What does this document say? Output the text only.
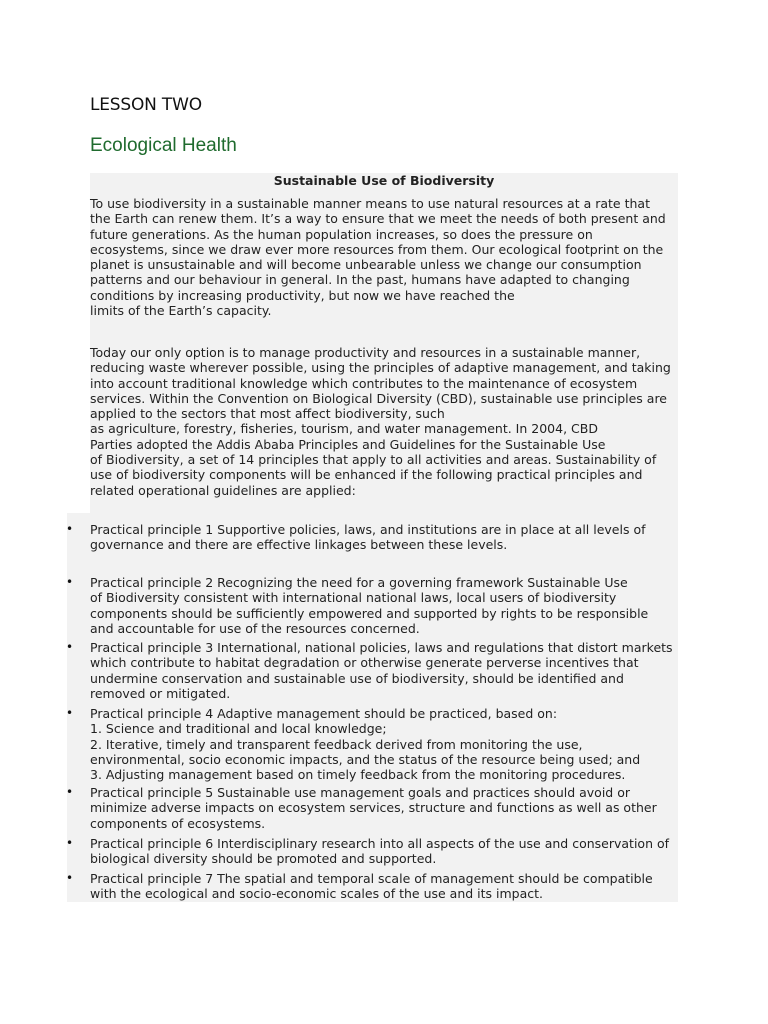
LESSON TWO
Ecological Health
Sustainable Use of Biodiversity

To use biodiversity in a sustainable manner means to use natural resources at a rate that
the Earth can renew them. It’s a way to ensure that we meet the needs of both present and
future generations. As the human population increases, so does the pressure on
ecosystems, since we draw ever more resources from them. Our ecological footprint on the
planet is unsustainable and will become unbearable unless we change our consumption
patterns and our behaviour in general. In the past, humans have adapted to changing
conditions by increasing productivity, but now we have reached the
limits of the Earth’s capacity.

Today our only option is to manage productivity and resources in a sustainable manner,
reducing waste wherever possible, using the principles of adaptive management, and taking
into account traditional knowledge which contributes to the maintenance of ecosystem
services. Within the Convention on Biological Diversity (CBD), sustainable use principles are
applied to the sectors that most affect biodiversity, such
as agriculture, forestry, fisheries, tourism, and water management. In 2004, CBD
Parties adopted the Addis Ababa Principles and Guidelines for the Sustainable Use
of Biodiversity, a set of 14 principles that apply to all activities and areas. Sustainability of
use of biodiversity components will be enhanced if the following practical principles and
related operational guidelines are applied:

• Practical principle 1 Supportive policies, laws, and institutions are in place at all levels of
governance and there are effective linkages between these levels.

• Practical principle 2 Recognizing the need for a governing framework Sustainable Use
of Biodiversity consistent with international national laws, local users of biodiversity
components should be sufficiently empowered and supported by rights to be responsible
and accountable for use of the resources concerned.

• Practical principle 3 International, national policies, laws and regulations that distort markets
which contribute to habitat degradation or otherwise generate perverse incentives that
undermine conservation and sustainable use of biodiversity, should be identified and
removed or mitigated.

• Practical principle 4 Adaptive management should be practiced, based on:
1. Science and traditional and local knowledge;
2. Iterative, timely and transparent feedback derived from monitoring the use,
environmental, socio economic impacts, and the status of the resource being used; and
3. Adjusting management based on timely feedback from the monitoring procedures.

• Practical principle 5 Sustainable use management goals and practices should avoid or
minimize adverse impacts on ecosystem services, structure and functions as well as other
components of ecosystems.

• Practical principle 6 Interdisciplinary research into all aspects of the use and conservation of
biological diversity should be promoted and supported.

• Practical principle 7 The spatial and temporal scale of management should be compatible
with the ecological and socio-economic scales of the use and its impact.
